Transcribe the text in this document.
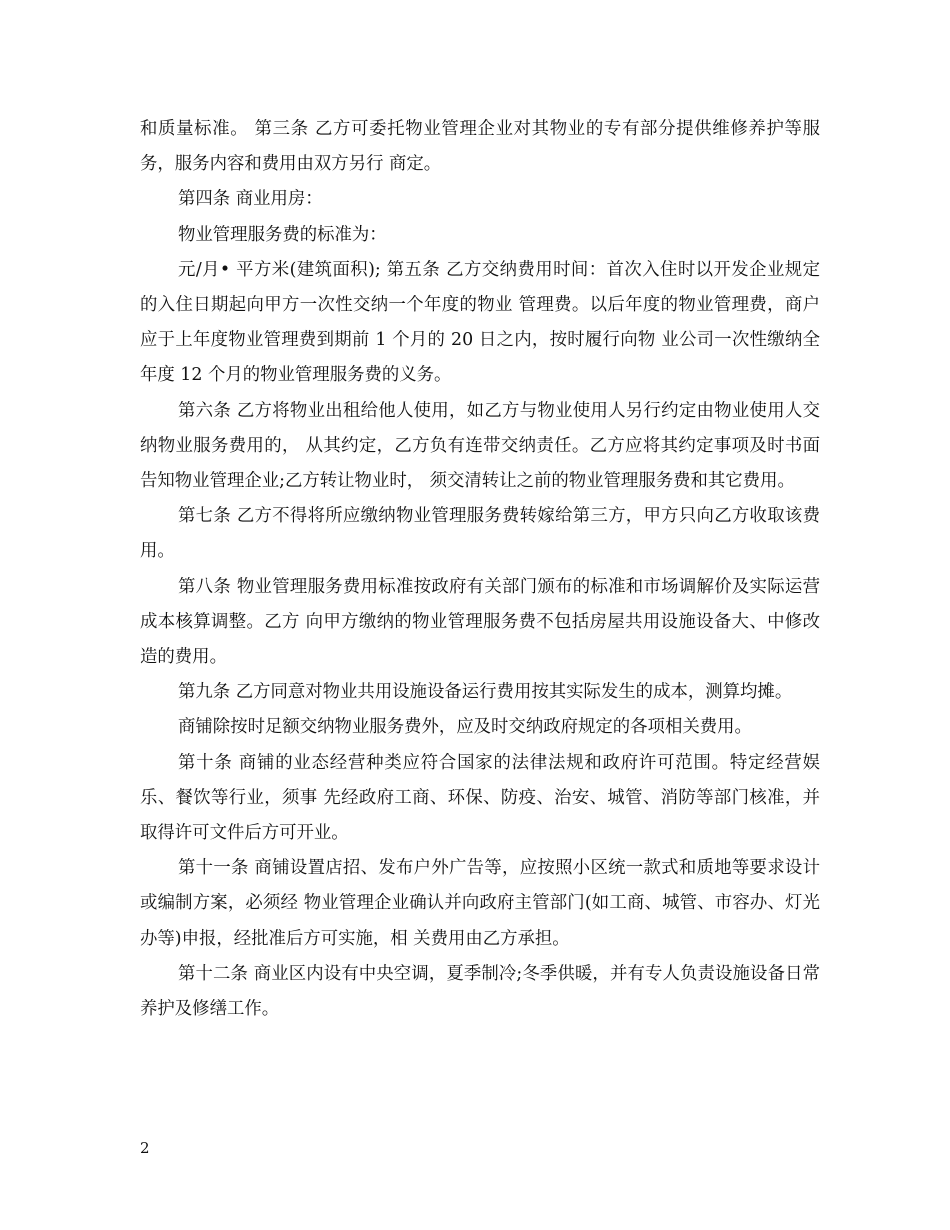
和质量标准。 第三条 乙方可委托物业管理企业对其物业的专有部分提供维修养护等服务，服务内容和费用由双方另行 商定。

第四条 商业用房：

物业管理服务费的标准为：

元/月• 平方米(建筑面积); 第五条 乙方交纳费用时间：首次入住时以开发企业规定的入住日期起向甲方一次性交纳一个年度的物业 管理费。以后年度的物业管理费，商户应于上年度物业管理费到期前 1 个月的 20 日之内，按时履行向物 业公司一次性缴纳全年度 12 个月的物业管理服务费的义务。

第六条 乙方将物业出租给他人使用，如乙方与物业使用人另行约定由物业使用人交纳物业服务费用的， 从其约定，乙方负有连带交纳责任。乙方应将其约定事项及时书面告知物业管理企业;乙方转让物业时， 须交清转让之前的物业管理服务费和其它费用。

第七条 乙方不得将所应缴纳物业管理服务费转嫁给第三方，甲方只向乙方收取该费用。

第八条 物业管理服务费用标准按政府有关部门颁布的标准和市场调解价及实际运营成本核算调整。乙方 向甲方缴纳的物业管理服务费不包括房屋共用设施设备大、中修改造的费用。

第九条 乙方同意对物业共用设施设备运行费用按其实际发生的成本，测算均摊。

商铺除按时足额交纳物业服务费外，应及时交纳政府规定的各项相关费用。

第十条 商铺的业态经营种类应符合国家的法律法规和政府许可范围。特定经营娱乐、餐饮等行业，须事 先经政府工商、环保、防疫、治安、城管、消防等部门核准，并取得许可文件后方可开业。

第十一条 商铺设置店招、发布户外广告等，应按照小区统一款式和质地等要求设计或编制方案，必须经 物业管理企业确认并向政府主管部门(如工商、城管、市容办、灯光办等)申报，经批准后方可实施，相 关费用由乙方承担。

第十二条 商业区内设有中央空调，夏季制冷;冬季供暖，并有专人负责设施设备日常养护及修缮工作。

2
